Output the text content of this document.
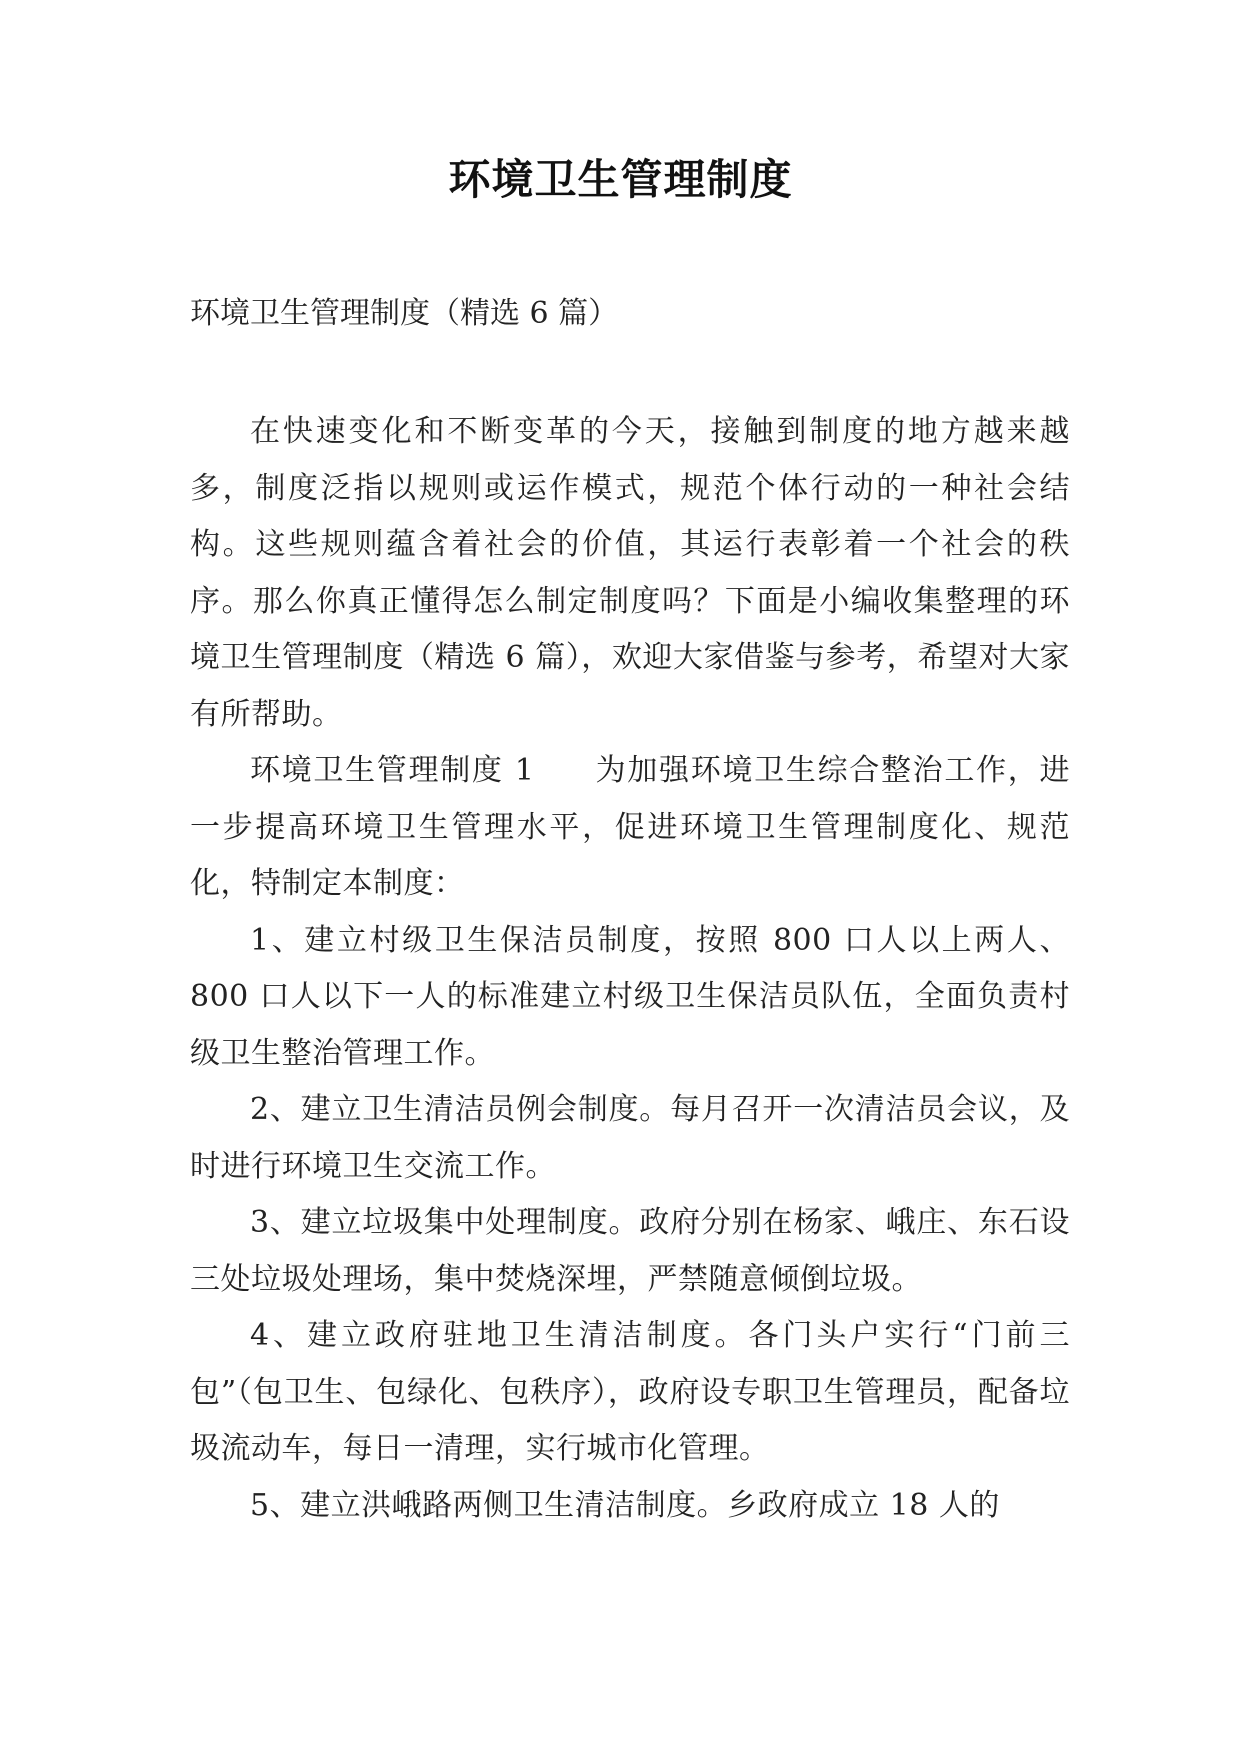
环境卫生管理制度
环境卫生管理制度（精选 6 篇）

在快速变化和不断变革的今天，接触到制度的地方越来越多，制度泛指以规则或运作模式，规范个体行动的一种社会结构。这些规则蕴含着社会的价值，其运行表彰着一个社会的秩序。那么你真正懂得怎么制定制度吗？下面是小编收集整理的环境卫生管理制度（精选 6 篇），欢迎大家借鉴与参考，希望对大家有所帮助。

环境卫生管理制度 1 为加强环境卫生综合整治工作，进一步提高环境卫生管理水平，促进环境卫生管理制度化、规范化，特制定本制度：

1、建立村级卫生保洁员制度，按照 800 口人以上两人、800 口人以下一人的标准建立村级卫生保洁员队伍，全面负责村级卫生整治管理工作。

2、建立卫生清洁员例会制度。每月召开一次清洁员会议，及时进行环境卫生交流工作。

3、建立垃圾集中处理制度。政府分别在杨家、峨庄、东石设三处垃圾处理场，集中焚烧深埋，严禁随意倾倒垃圾。

4、建立政府驻地卫生清洁制度。各门头户实行“门前三包”（包卫生、包绿化、包秩序），政府设专职卫生管理员，配备垃圾流动车，每日一清理，实行城市化管理。

5、建立洪峨路两侧卫生清洁制度。乡政府成立 18 人的
